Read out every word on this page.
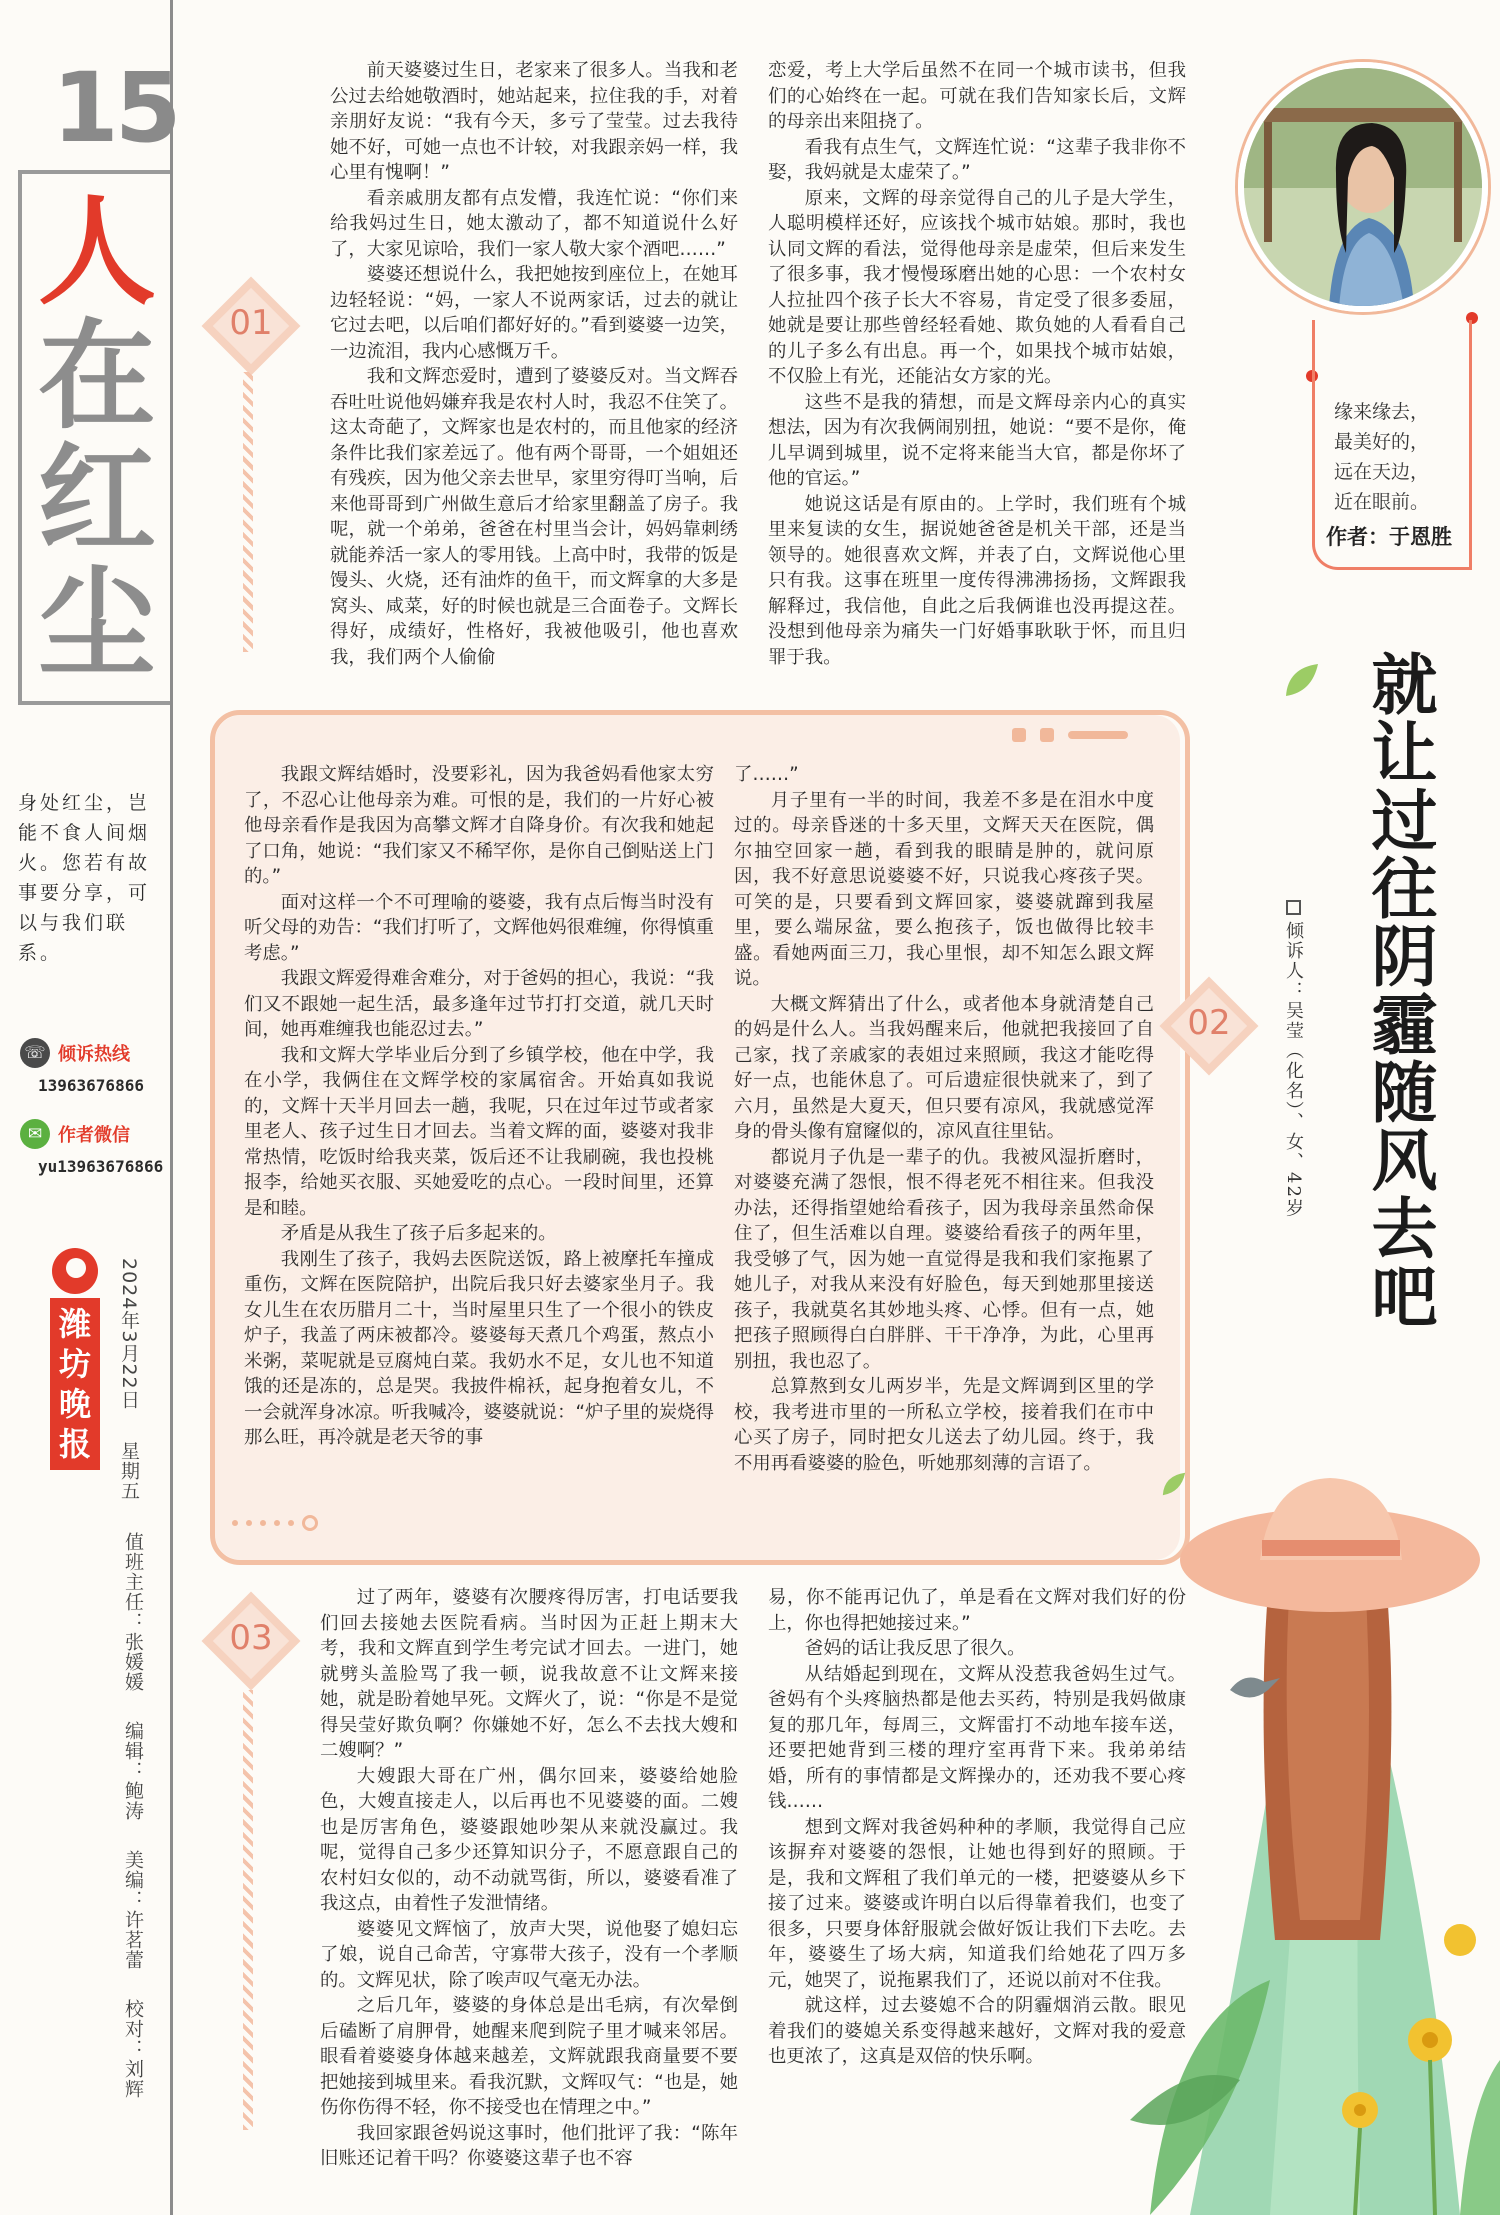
15
人
在
红
尘
身处红尘，岂能不食人间烟火。您若有故事要分享，可以与我们联系。
☏ 倾诉热线
13963676866
✉ 作者微信
yu13963676866
潍
坊
晚
报
2024年3月22日 星期五
值班主任：张媛媛 编辑：鲍涛 美编：许茗蕾 校对：刘辉
01
02
03

前天婆婆过生日，老家来了很多人。当我和老公过去给她敬酒时，她站起来，拉住我的手，对着亲朋好友说：“我有今天，多亏了莹莹。过去我待她不好，可她一点也不计较，对我跟亲妈一样，我心里有愧啊！”

看亲戚朋友都有点发懵，我连忙说：“你们来给我妈过生日，她太激动了，都不知道说什么好了，大家见谅哈，我们一家人敬大家个酒吧……”

婆婆还想说什么，我把她按到座位上，在她耳边轻轻说：“妈，一家人不说两家话，过去的就让它过去吧，以后咱们都好好的。”看到婆婆一边笑，一边流泪，我内心感慨万千。

我和文辉恋爱时，遭到了婆婆反对。当文辉吞吞吐吐说他妈嫌弃我是农村人时，我忍不住笑了。这太奇葩了，文辉家也是农村的，而且他家的经济条件比我们家差远了。他有两个哥哥，一个姐姐还有残疾，因为他父亲去世早，家里穷得叮当响，后来他哥哥到广州做生意后才给家里翻盖了房子。我呢，就一个弟弟，爸爸在村里当会计，妈妈靠刺绣就能养活一家人的零用钱。上高中时，我带的饭是馒头、火烧，还有油炸的鱼干，而文辉拿的大多是窝头、咸菜，好的时候也就是三合面卷子。文辉长得好，成绩好，性格好，我被他吸引，他也喜欢我，我们两个人偷偷

恋爱，考上大学后虽然不在同一个城市读书，但我们的心始终在一起。可就在我们告知家长后，文辉的母亲出来阻挠了。

看我有点生气，文辉连忙说：“这辈子我非你不娶，我妈就是太虚荣了。”

原来，文辉的母亲觉得自己的儿子是大学生，人聪明模样还好，应该找个城市姑娘。那时，我也认同文辉的看法，觉得他母亲是虚荣，但后来发生了很多事，我才慢慢琢磨出她的心思：一个农村女人拉扯四个孩子长大不容易，肯定受了很多委屈，她就是要让那些曾经轻看她、欺负她的人看看自己的儿子多么有出息。再一个，如果找个城市姑娘，不仅脸上有光，还能沾女方家的光。

这些不是我的猜想，而是文辉母亲内心的真实想法，因为有次我俩闹别扭，她说：“要不是你，俺儿早调到城里，说不定将来能当大官，都是你坏了他的官运。”

她说这话是有原由的。上学时，我们班有个城里来复读的女生，据说她爸爸是机关干部，还是当领导的。她很喜欢文辉，并表了白，文辉说他心里只有我。这事在班里一度传得沸沸扬扬，文辉跟我解释过，我信他，自此之后我俩谁也没再提这茬。没想到他母亲为痛失一门好婚事耿耿于怀，而且归罪于我。

我跟文辉结婚时，没要彩礼，因为我爸妈看他家太穷了，不忍心让他母亲为难。可恨的是，我们的一片好心被他母亲看作是我因为高攀文辉才自降身价。有次我和她起了口角，她说：“我们家又不稀罕你，是你自己倒贴送上门的。”

面对这样一个不可理喻的婆婆，我有点后悔当时没有听父母的劝告：“我们打听了，文辉他妈很难缠，你得慎重考虑。”

我跟文辉爱得难舍难分，对于爸妈的担心，我说：“我们又不跟她一起生活，最多逢年过节打打交道，就几天时间，她再难缠我也能忍过去。”

我和文辉大学毕业后分到了乡镇学校，他在中学，我在小学，我俩住在文辉学校的家属宿舍。开始真如我说的，文辉十天半月回去一趟，我呢，只在过年过节或者家里老人、孩子过生日才回去。当着文辉的面，婆婆对我非常热情，吃饭时给我夹菜，饭后还不让我刷碗，我也投桃报李，给她买衣服、买她爱吃的点心。一段时间里，还算是和睦。

矛盾是从我生了孩子后多起来的。

我刚生了孩子，我妈去医院送饭，路上被摩托车撞成重伤，文辉在医院陪护，出院后我只好去婆家坐月子。我女儿生在农历腊月二十，当时屋里只生了一个很小的铁皮炉子，我盖了两床被都冷。婆婆每天煮几个鸡蛋，熬点小米粥，菜呢就是豆腐炖白菜。我奶水不足，女儿也不知道饿的还是冻的，总是哭。我披件棉袄，起身抱着女儿，不一会就浑身冰凉。听我喊冷，婆婆就说：“炉子里的炭烧得那么旺，再冷就是老天爷的事

了……”

月子里有一半的时间，我差不多是在泪水中度过的。母亲昏迷的十多天里，文辉天天在医院，偶尔抽空回家一趟，看到我的眼睛是肿的，就问原因，我不好意思说婆婆不好，只说我心疼孩子哭。可笑的是，只要看到文辉回家，婆婆就蹿到我屋里，要么端尿盆，要么抱孩子，饭也做得比较丰盛。看她两面三刀，我心里恨，却不知怎么跟文辉说。

大概文辉猜出了什么，或者他本身就清楚自己的妈是什么人。当我妈醒来后，他就把我接回了自己家，找了亲戚家的表姐过来照顾，我这才能吃得好一点，也能休息了。可后遗症很快就来了，到了六月，虽然是大夏天，但只要有凉风，我就感觉浑身的骨头像有窟窿似的，凉风直往里钻。

都说月子仇是一辈子的仇。我被风湿折磨时，对婆婆充满了怨恨，恨不得老死不相往来。但我没办法，还得指望她给看孩子，因为我母亲虽然命保住了，但生活难以自理。婆婆给看孩子的两年里，我受够了气，因为她一直觉得是我和我们家拖累了她儿子，对我从来没有好脸色，每天到她那里接送孩子，我就莫名其妙地头疼、心悸。但有一点，她把孩子照顾得白白胖胖、干干净净，为此，心里再别扭，我也忍了。

总算熬到女儿两岁半，先是文辉调到区里的学校，我考进市里的一所私立学校，接着我们在市中心买了房子，同时把女儿送去了幼儿园。终于，我不用再看婆婆的脸色，听她那刻薄的言语了。

过了两年，婆婆有次腰疼得厉害，打电话要我们回去接她去医院看病。当时因为正赶上期末大考，我和文辉直到学生考完试才回去。一进门，她就劈头盖脸骂了我一顿，说我故意不让文辉来接她，就是盼着她早死。文辉火了，说：“你是不是觉得吴莹好欺负啊？你嫌她不好，怎么不去找大嫂和二嫂啊？”

大嫂跟大哥在广州，偶尔回来，婆婆给她脸色，大嫂直接走人，以后再也不见婆婆的面。二嫂也是厉害角色，婆婆跟她吵架从来就没赢过。我呢，觉得自己多少还算知识分子，不愿意跟自己的农村妇女似的，动不动就骂街，所以，婆婆看准了我这点，由着性子发泄情绪。

婆婆见文辉恼了，放声大哭，说他娶了媳妇忘了娘，说自己命苦，守寡带大孩子，没有一个孝顺的。文辉见状，除了唉声叹气毫无办法。

之后几年，婆婆的身体总是出毛病，有次晕倒后磕断了肩胛骨，她醒来爬到院子里才喊来邻居。眼看着婆婆身体越来越差，文辉就跟我商量要不要把她接到城里来。看我沉默，文辉叹气：“也是，她伤你伤得不轻，你不接受也在情理之中。”

我回家跟爸妈说这事时，他们批评了我：“陈年旧账还记着干吗？你婆婆这辈子也不容

易，你不能再记仇了，单是看在文辉对我们好的份上，你也得把她接过来。”

爸妈的话让我反思了很久。

从结婚起到现在，文辉从没惹我爸妈生过气。爸妈有个头疼脑热都是他去买药，特别是我妈做康复的那几年，每周三，文辉雷打不动地车接车送，还要把她背到三楼的理疗室再背下来。我弟弟结婚，所有的事情都是文辉操办的，还劝我不要心疼钱……

想到文辉对我爸妈种种的孝顺，我觉得自己应该摒弃对婆婆的怨恨，让她也得到好的照顾。于是，我和文辉租了我们单元的一楼，把婆婆从乡下接了过来。婆婆或许明白以后得靠着我们，也变了很多，只要身体舒服就会做好饭让我们下去吃。去年，婆婆生了场大病，知道我们给她花了四万多元，她哭了，说拖累我们了，还说以前对不住我。

就这样，过去婆媳不合的阴霾烟消云散。眼见着我们的婆媳关系变得越来越好，文辉对我的爱意也更浓了，这真是双倍的快乐啊。

缘来缘去，
最美好的，
远在天边，
近在眼前。
作者：于恩胜
就让过往阴霾随风去吧
倾诉人：吴莹（化名）、女、42岁
